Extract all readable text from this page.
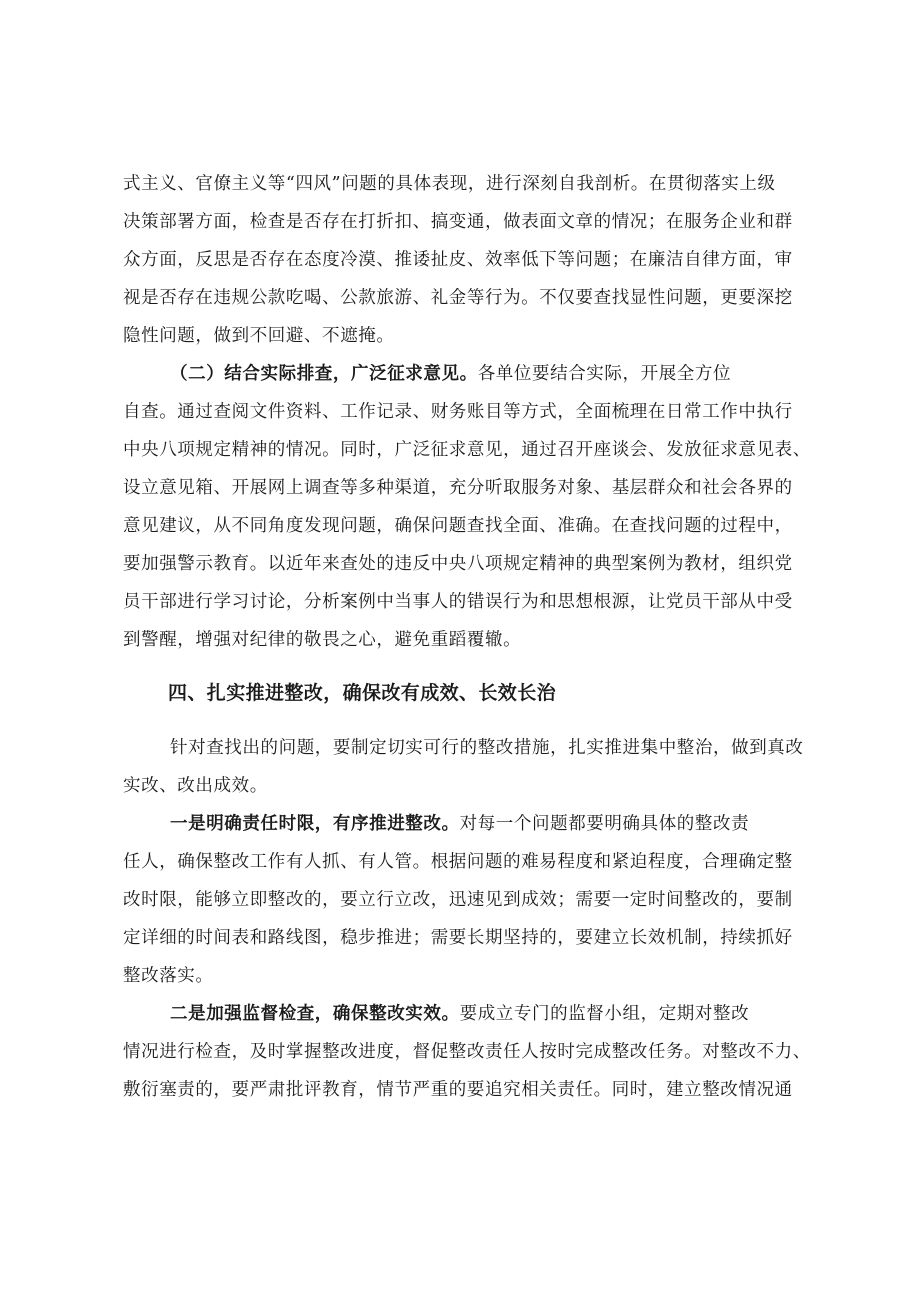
式主义、官僚主义等“四风”问题的具体表现，进行深刻自我剖析。在贯彻落实上级
决策部署方面，检查是否存在打折扣、搞变通，做表面文章的情况；在服务企业和群
众方面，反思是否存在态度冷漠、推诿扯皮、效率低下等问题；在廉洁自律方面，审
视是否存在违规公款吃喝、公款旅游、礼金等行为。不仅要查找显性问题，更要深挖
隐性问题，做到不回避、不遮掩。
（二）结合实际排查，广泛征求意见。各单位要结合实际，开展全方位
自查。通过查阅文件资料、工作记录、财务账目等方式，全面梳理在日常工作中执行
中央八项规定精神的情况。同时，广泛征求意见，通过召开座谈会、发放征求意见表、
设立意见箱、开展网上调查等多种渠道，充分听取服务对象、基层群众和社会各界的
意见建议，从不同角度发现问题，确保问题查找全面、准确。在查找问题的过程中，
要加强警示教育。以近年来查处的违反中央八项规定精神的典型案例为教材，组织党
员干部进行学习讨论，分析案例中当事人的错误行为和思想根源，让党员干部从中受
到警醒，增强对纪律的敬畏之心，避免重蹈覆辙。
四、扎实推进整改，确保改有成效、长效长治
针对查找出的问题，要制定切实可行的整改措施，扎实推进集中整治，做到真改
实改、改出成效。
一是明确责任时限，有序推进整改。对每一个问题都要明确具体的整改责
任人，确保整改工作有人抓、有人管。根据问题的难易程度和紧迫程度，合理确定整
改时限，能够立即整改的，要立行立改，迅速见到成效；需要一定时间整改的，要制
定详细的时间表和路线图，稳步推进；需要长期坚持的，要建立长效机制，持续抓好
整改落实。
二是加强监督检查，确保整改实效。要成立专门的监督小组，定期对整改
情况进行检查，及时掌握整改进度，督促整改责任人按时完成整改任务。对整改不力、
敷衍塞责的，要严肃批评教育，情节严重的要追究相关责任。同时，建立整改情况通
